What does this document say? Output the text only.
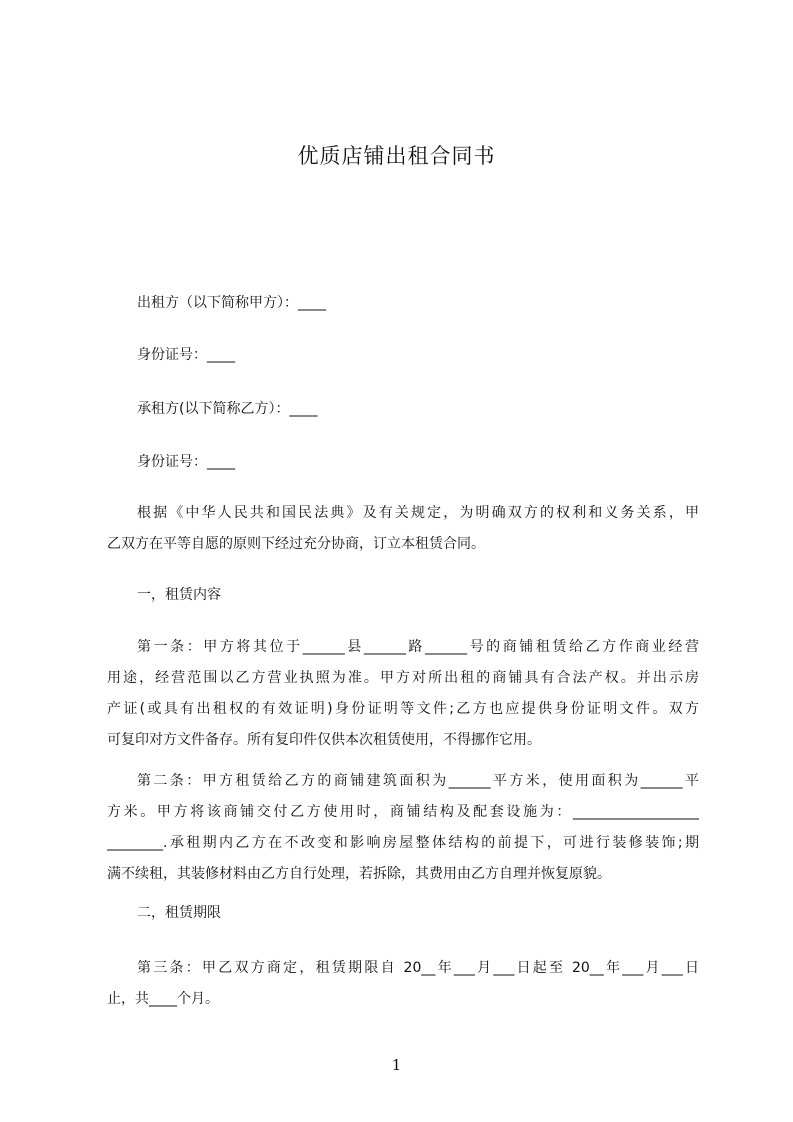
优质店铺出租合同书
出租方（以下简称甲方）：____
身份证号：____
承租方(以下简称乙方）：____
身份证号：____
根据《中华人民共和国民法典》及有关规定，为明确双方的权利和义务关系，甲
乙双方在平等自愿的原则下经过充分协商，订立本租赁合同。
一，租赁内容
第一条：甲方将其位于______县______路______号的商铺租赁给乙方作商业经营
用途，经营范围以乙方营业执照为准。甲方对所出租的商铺具有合法产权。并出示房
产证(或具有出租权的有效证明)身份证明等文件;乙方也应提供身份证明文件。双方
可复印对方文件备存。所有复印件仅供本次租赁使用，不得挪作它用。
第二条：甲方租赁给乙方的商铺建筑面积为______平方米，使用面积为______平
方米。甲方将该商铺交付乙方使用时，商铺结构及配套设施为：__________________
________.承租期内乙方在不改变和影响房屋整体结构的前提下，可进行装修装饰;期
满不续租，其装修材料由乙方自行处理，若拆除，其费用由乙方自理并恢复原貌。
二，租赁期限
第三条：甲乙双方商定，租赁期限自 20__年___月___日起至 20__年___月___日
止，共____个月。
1
